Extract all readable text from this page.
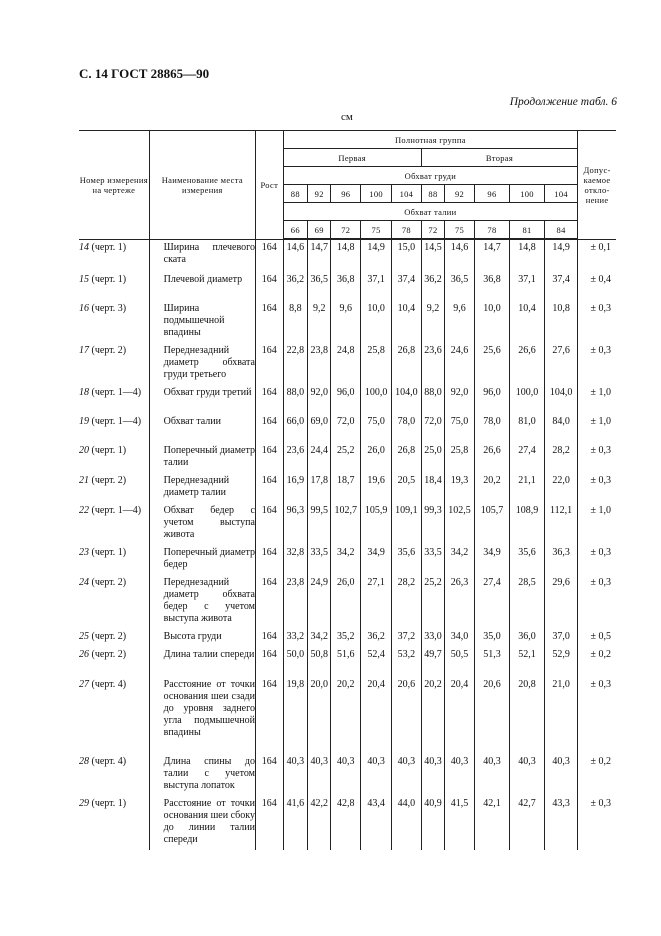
С. 14 ГОСТ 28865—90
Продолжение табл. 6
см
Номер измерения на чертеже	Наименование места измерения	Рост	Полнотная группа										Допус-каемое откло-нение
			Первая					Вторая					
			Обхват груди										
			88	92	96	100	104	88	92	96	100	104	
			Обхват талии										
			66	69	72	75	78	72	75	78	81	84	

14 (черт. 1)	Ширина плечевого ската	164	14,6	14,7	14,8	14,9	15,0	14,5	14,6	14,7	14,8	14,9	± 0,1
15 (черт. 1)	Плечевой диаметр	164	36,2	36,5	36,8	37,1	37,4	36,2	36,5	36,8	37,1	37,4	± 0,4
16 (черт. 3)	Ширина подмышечной впадины	164	8,8	9,2	9,6	10,0	10,4	9,2	9,6	10,0	10,4	10,8	± 0,3
17 (черт. 2)	Переднезадний диаметр обхвата груди третьего	164	22,8	23,8	24,8	25,8	26,8	23,6	24,6	25,6	26,6	27,6	± 0,3
18 (черт. 1—4)	Обхват груди третий	164	88,0	92,0	96,0	100,0	104,0	88,0	92,0	96,0	100,0	104,0	± 1,0
19 (черт. 1—4)	Обхват талии	164	66,0	69,0	72,0	75,0	78,0	72,0	75,0	78,0	81,0	84,0	± 1,0
20 (черт. 1)	Поперечный диаметр талии	164	23,6	24,4	25,2	26,0	26,8	25,0	25,8	26,6	27,4	28,2	± 0,3
21 (черт. 2)	Переднезадний диаметр талии	164	16,9	17,8	18,7	19,6	20,5	18,4	19,3	20,2	21,1	22,0	± 0,3
22 (черт. 1—4)	Обхват бедер с учетом выступа живота	164	96,3	99,5	102,7	105,9	109,1	99,3	102,5	105,7	108,9	112,1	± 1,0
23 (черт. 1)	Поперечный диаметр бедер	164	32,8	33,5	34,2	34,9	35,6	33,5	34,2	34,9	35,6	36,3	± 0,3
24 (черт. 2)	Переднезадний диаметр обхвата бедер с учетом выступа живота	164	23,8	24,9	26,0	27,1	28,2	25,2	26,3	27,4	28,5	29,6	± 0,3
25 (черт. 2)	Высота груди	164	33,2	34,2	35,2	36,2	37,2	33,0	34,0	35,0	36,0	37,0	± 0,5
26 (черт. 2)	Длина талии спереди	164	50,0	50,8	51,6	52,4	53,2	49,7	50,5	51,3	52,1	52,9	± 0,2
27 (черт. 4)	Расстояние от точки основания шеи сзади до уровня заднего угла подмышечной впадины	164	19,8	20,0	20,2	20,4	20,6	20,2	20,4	20,6	20,8	21,0	± 0,3
28 (черт. 4)	Длина спины до талии с учетом выступа лопаток	164	40,3	40,3	40,3	40,3	40,3	40,3	40,3	40,3	40,3	40,3	± 0,2
29 (черт. 1)	Расстояние от точки основания шеи сбоку до линии талии спереди	164	41,6	42,2	42,8	43,4	44,0	40,9	41,5	42,1	42,7	43,3	± 0,3
